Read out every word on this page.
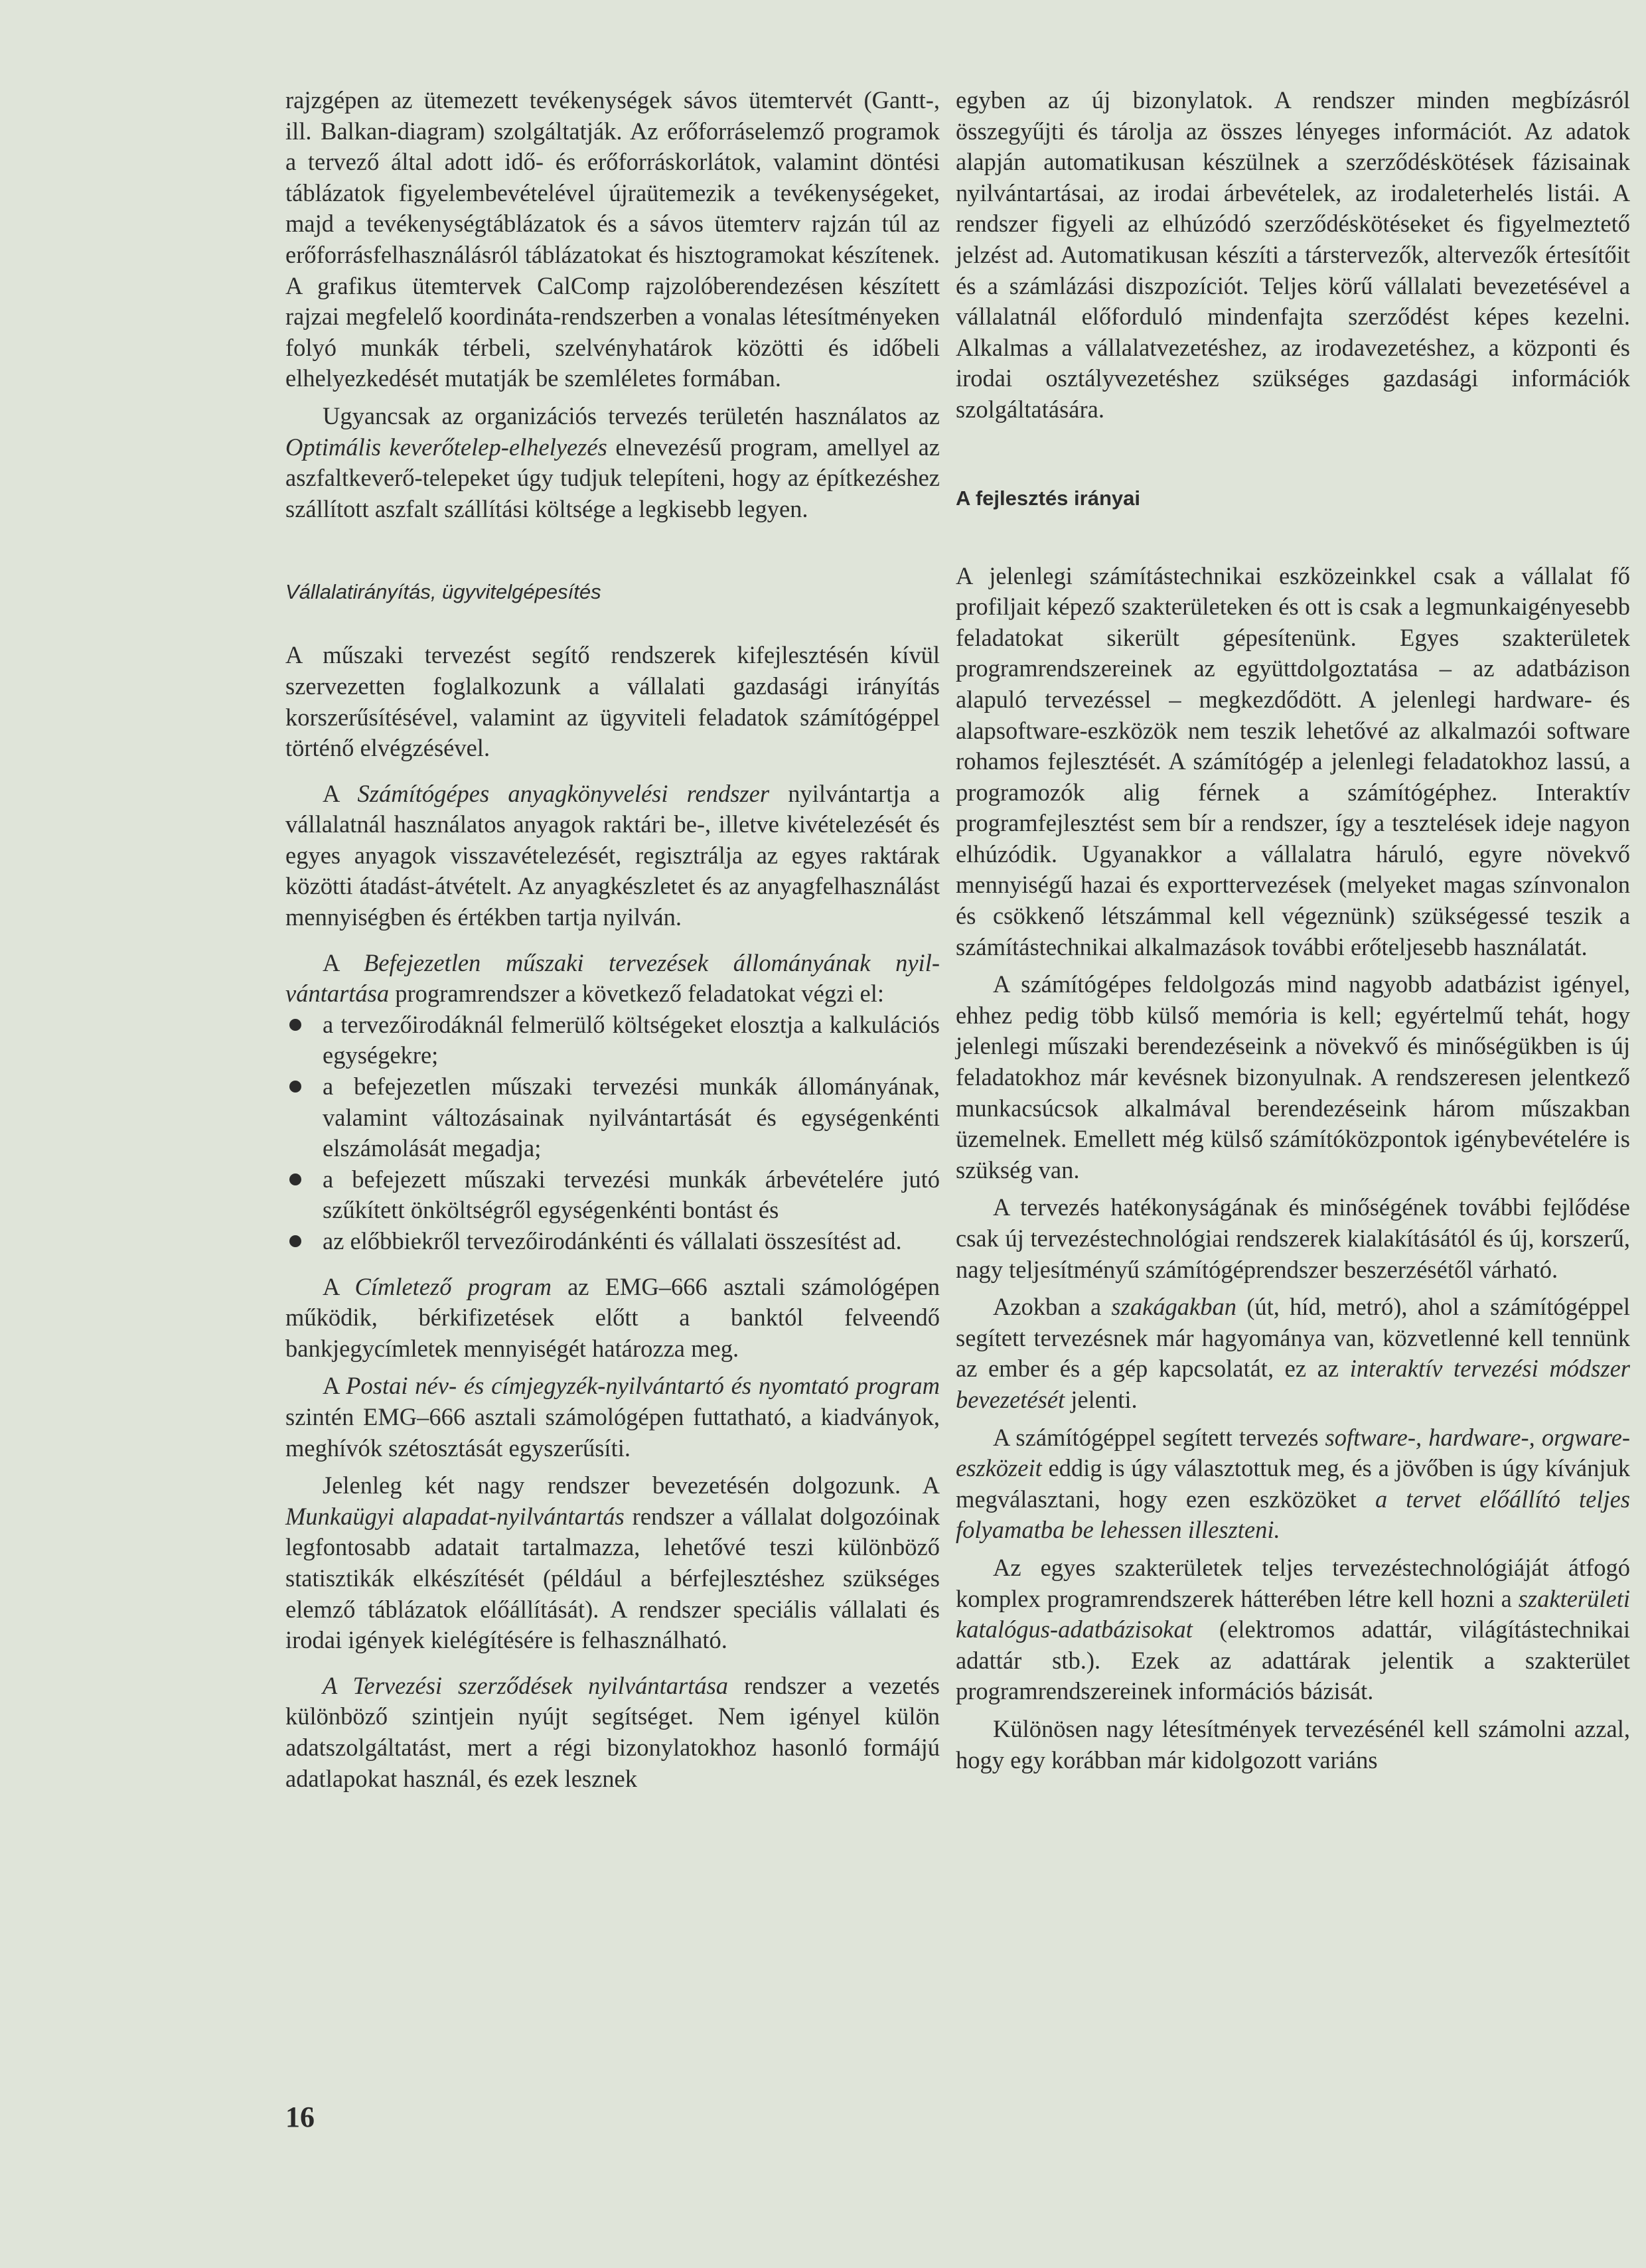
rajzgépen az ütemezett tevékenységek sávos ütemtervét (Gantt-, ill. Balkan-diagram) szolgáltatják. Az erőforráselemző programok a tervező által adott idő- és erőforráskorlátok, valamint döntési táblázatok figyelembevételével újraütemezik a tevékenységeket, majd a tevékenységtáblázatok és a sávos ütemterv rajzán túl az erőforrásfelhasználásról táblázatokat és hisztogramokat készítenek. A grafikus ütemtervek CalComp rajzolóberendezésen készített rajzai megfelelő koordináta-rendszerben a vonalas létesítményeken folyó munkák térbeli, szelvényhatárok közötti és időbeli elhelyezkedését mutatják be szemléletes formában.

Ugyancsak az organizációs tervezés területén használatos az Optimális keverőtelep-elhelyezés elnevezésű program, amellyel az aszfaltkeverő-telepeket úgy tudjuk telepíteni, hogy az építkezéshez szállított aszfalt szállítási költsége a legkisebb legyen.

Vállalatirányítás, ügyvitelgépesítés

A műszaki tervezést segítő rendszerek kifejlesztésén kívül szervezetten foglalkozunk a vállalati gazdasági irányítás korszerűsítésével, valamint az ügyviteli feladatok számítógéppel történő elvégzésével.

A Számítógépes anyagkönyvelési rendszer nyilvántartja a vállalatnál használatos anyagok raktári be-, illetve kivételezését és egyes anyagok visszavételezését, regisztrálja az egyes raktárak közötti átadást-átvételt. Az anyagkészletet és az anyagfelhasználást mennyiségben és értékben tartja nyilván.

A Befejezetlen műszaki tervezések állományának nyilvántartása programrendszer a következő feladatokat végzi el:

a tervezőirodáknál felmerülő költségeket elosztja a kalkulációs egységekre;
a befejezetlen műszaki tervezési munkák állományának, valamint változásainak nyilvántartását és egységenkénti elszámolását megadja;
a befejezett műszaki tervezési munkák árbevételére jutó szűkített önköltségről egységenkénti bontást és
az előbbiekről tervezőirodánkénti és vállalati összesítést ad.

A Címletező program az EMG–666 asztali számológépen működik, bérkifizetések előtt a banktól felveendő bankjegycímletek mennyiségét határozza meg.

A Postai név- és címjegyzék-nyilvántartó és nyomtató program szintén EMG–666 asztali számológépen futtatható, a kiadványok, meghívók szétosztását egyszerűsíti.

Jelenleg két nagy rendszer bevezetésén dolgozunk. A Munkaügyi alapadat-nyilvántartás rendszer a vállalat dolgozóinak legfontosabb adatait tartalmazza, lehetővé teszi különböző statisztikák elkészítését (például a bérfejlesztéshez szükséges elemző táblázatok előállítását). A rendszer speciális vállalati és irodai igények kielégítésére is felhasználható.

A Tervezési szerződések nyilvántartása rendszer a vezetés különböző szintjein nyújt segítséget. Nem igényel külön adatszolgáltatást, mert a régi bizonylatokhoz hasonló formájú adatlapokat használ, és ezek lesznek

egyben az új bizonylatok. A rendszer minden megbízásról összegyűjti és tárolja az összes lényeges információt. Az adatok alapján automatikusan készülnek a szerződéskötések fázisainak nyilvántartásai, az irodai árbevételek, az irodaleterhelés listái. A rendszer figyeli az elhúzódó szerződéskötéseket és figyelmeztető jelzést ad. Automatikusan készíti a társtervezők, altervezők értesítőit és a számlázási diszpozíciót. Teljes körű vállalati bevezetésével a vállalatnál előforduló mindenfajta szerződést képes kezelni. Alkalmas a vállalatvezetéshez, az irodavezetéshez, a központi és irodai osztályvezetéshez szükséges gazdasági információk szolgáltatására.

A fejlesztés irányai

A jelenlegi számítástechnikai eszközeinkkel csak a vállalat fő profiljait képező szakterületeken és ott is csak a legmunkaigényesebb feladatokat sikerült gépesítenünk. Egyes szakterületek programrendszereinek az együttdolgoztatása – az adatbázison alapuló tervezéssel – megkezdődött. A jelenlegi hardware- és alapsoftware-eszközök nem teszik lehetővé az alkalmazói software rohamos fejlesztését. A számítógép a jelenlegi feladatokhoz lassú, a programozók alig férnek a számítógéphez. Interaktív programfejlesztést sem bír a rendszer, így a tesztelések ideje nagyon elhúzódik. Ugyanakkor a vállalatra háruló, egyre növekvő mennyiségű hazai és exporttervezések (melyeket magas színvonalon és csökkenő létszámmal kell végeznünk) szükségessé teszik a számítástechnikai alkalmazások további erőteljesebb használatát.

A számítógépes feldolgozás mind nagyobb adatbázist igényel, ehhez pedig több külső memória is kell; egyértelmű tehát, hogy jelenlegi műszaki berendezéseink a növekvő és minőségükben is új feladatokhoz már kevésnek bizonyulnak. A rendszeresen jelentkező munkacsúcsok alkalmával berendezéseink három műszakban üzemelnek. Emellett még külső számítóközpontok igénybevételére is szükség van.

A tervezés hatékonyságának és minőségének további fejlődése csak új tervezéstechnológiai rendszerek kialakításától és új, korszerű, nagy teljesítményű számítógéprendszer beszerzésétől várható.

Azokban a szakágakban (út, híd, metró), ahol a számítógéppel segített tervezésnek már hagyománya van, közvetlenné kell tennünk az ember és a gép kapcsolatát, ez az interaktív tervezési módszer bevezetését jelenti.

A számítógéppel segített tervezés software-, hardware-, orgware-eszközeit eddig is úgy választottuk meg, és a jövőben is úgy kívánjuk megválasztani, hogy ezen eszközöket a tervet előállító teljes folyamatba be lehessen illeszteni.

Az egyes szakterületek teljes tervezéstechnológiáját átfogó komplex programrendszerek hátterében létre kell hozni a szakterületi katalógus-adatbázisokat (elektromos adattár, világítástechnikai adattár stb.). Ezek az adattárak jelentik a szakterület programrendszereinek információs bázisát.

Különösen nagy létesítmények tervezésénél kell számolni azzal, hogy egy korábban már kidolgozott variáns

16
